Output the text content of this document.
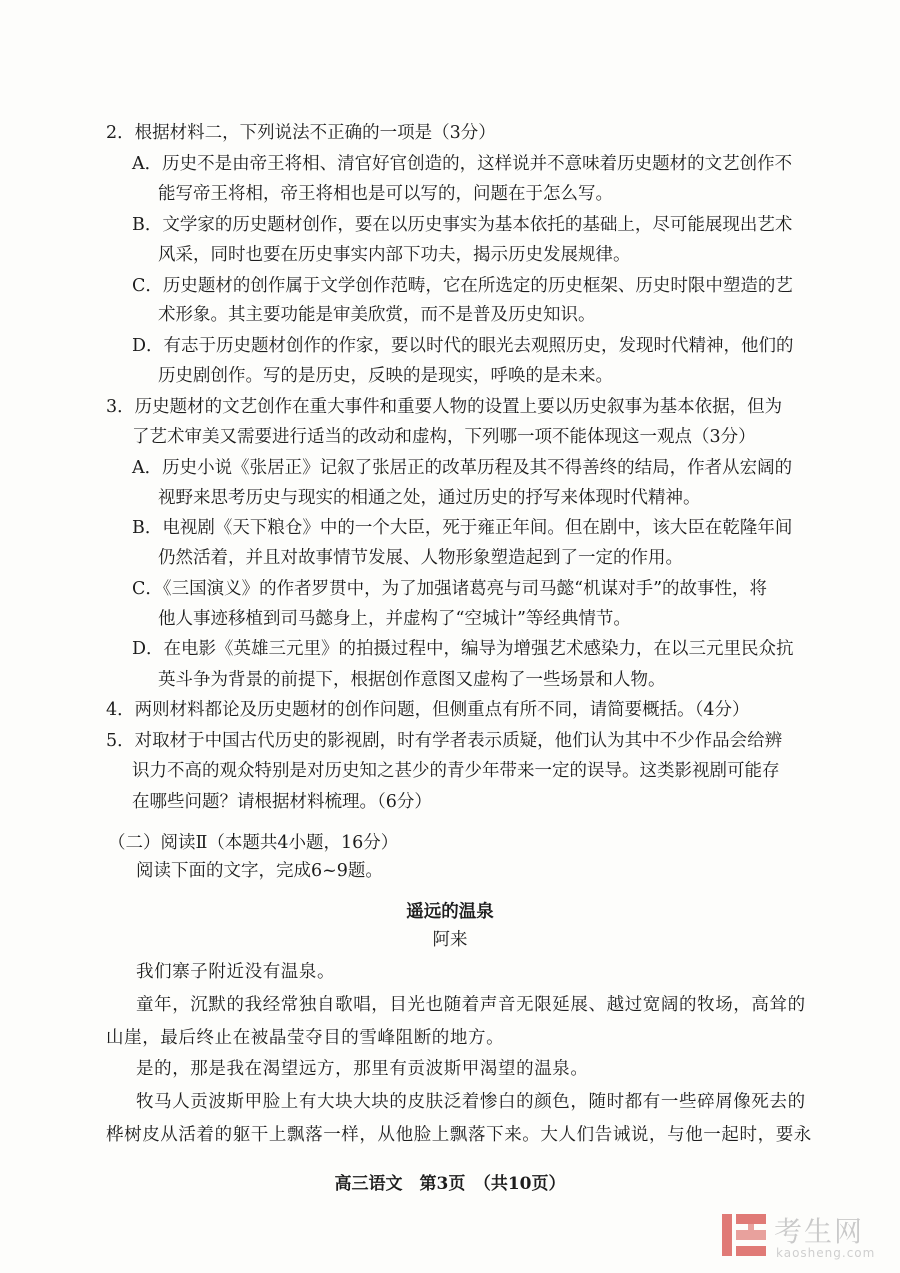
2．根据材料二，下列说法不正确的一项是（3分）
A．历史不是由帝王将相、清官好官创造的，这样说并不意味着历史题材的文艺创作不
能写帝王将相，帝王将相也是可以写的，问题在于怎么写。
B．文学家的历史题材创作，要在以历史事实为基本依托的基础上，尽可能展现出艺术
风采，同时也要在历史事实内部下功夫，揭示历史发展规律。
C．历史题材的创作属于文学创作范畴，它在所选定的历史框架、历史时限中塑造的艺
术形象。其主要功能是审美欣赏，而不是普及历史知识。
D．有志于历史题材创作的作家，要以时代的眼光去观照历史，发现时代精神，他们的
历史剧创作。写的是历史，反映的是现实，呼唤的是未来。
3．历史题材的文艺创作在重大事件和重要人物的设置上要以历史叙事为基本依据，但为
了艺术审美又需要进行适当的改动和虚构，下列哪一项不能体现这一观点（3分）
A．历史小说《张居正》记叙了张居正的改革历程及其不得善终的结局，作者从宏阔的
视野来思考历史与现实的相通之处，通过历史的抒写来体现时代精神。
B．电视剧《天下粮仓》中的一个大臣，死于雍正年间。但在剧中，该大臣在乾隆年间
仍然活着，并且对故事情节发展、人物形象塑造起到了一定的作用。
C．《三国演义》的作者罗贯中，为了加强诸葛亮与司马懿“机谋对手”的故事性，将
他人事迹移植到司马懿身上，并虚构了“空城计”等经典情节。
D．在电影《英雄三元里》的拍摄过程中，编导为增强艺术感染力，在以三元里民众抗
英斗争为背景的前提下，根据创作意图又虚构了一些场景和人物。
4．两则材料都论及历史题材的创作问题，但侧重点有所不同，请简要概括。（4分）
5．对取材于中国古代历史的影视剧，时有学者表示质疑，他们认为其中不少作品会给辨
识力不高的观众特别是对历史知之甚少的青少年带来一定的误导。这类影视剧可能存
在哪些问题？请根据材料梳理。（6分）
（二）阅读Ⅱ（本题共4小题，16分）
阅读下面的文字，完成6~9题。
遥远的温泉
阿来
我们寨子附近没有温泉。
童年，沉默的我经常独自歌唱，目光也随着声音无限延展、越过宽阔的牧场，高耸的
山崖，最后终止在被晶莹夺目的雪峰阻断的地方。
是的，那是我在渴望远方，那里有贡波斯甲渴望的温泉。
牧马人贡波斯甲脸上有大块大块的皮肤泛着惨白的颜色，随时都有一些碎屑像死去的
桦树皮从活着的躯干上飘落一样，从他脸上飘落下来。大人们告诫说，与他一起时，要永
高三语文　第3页　（共10页）
考生网
kaosheng.com
